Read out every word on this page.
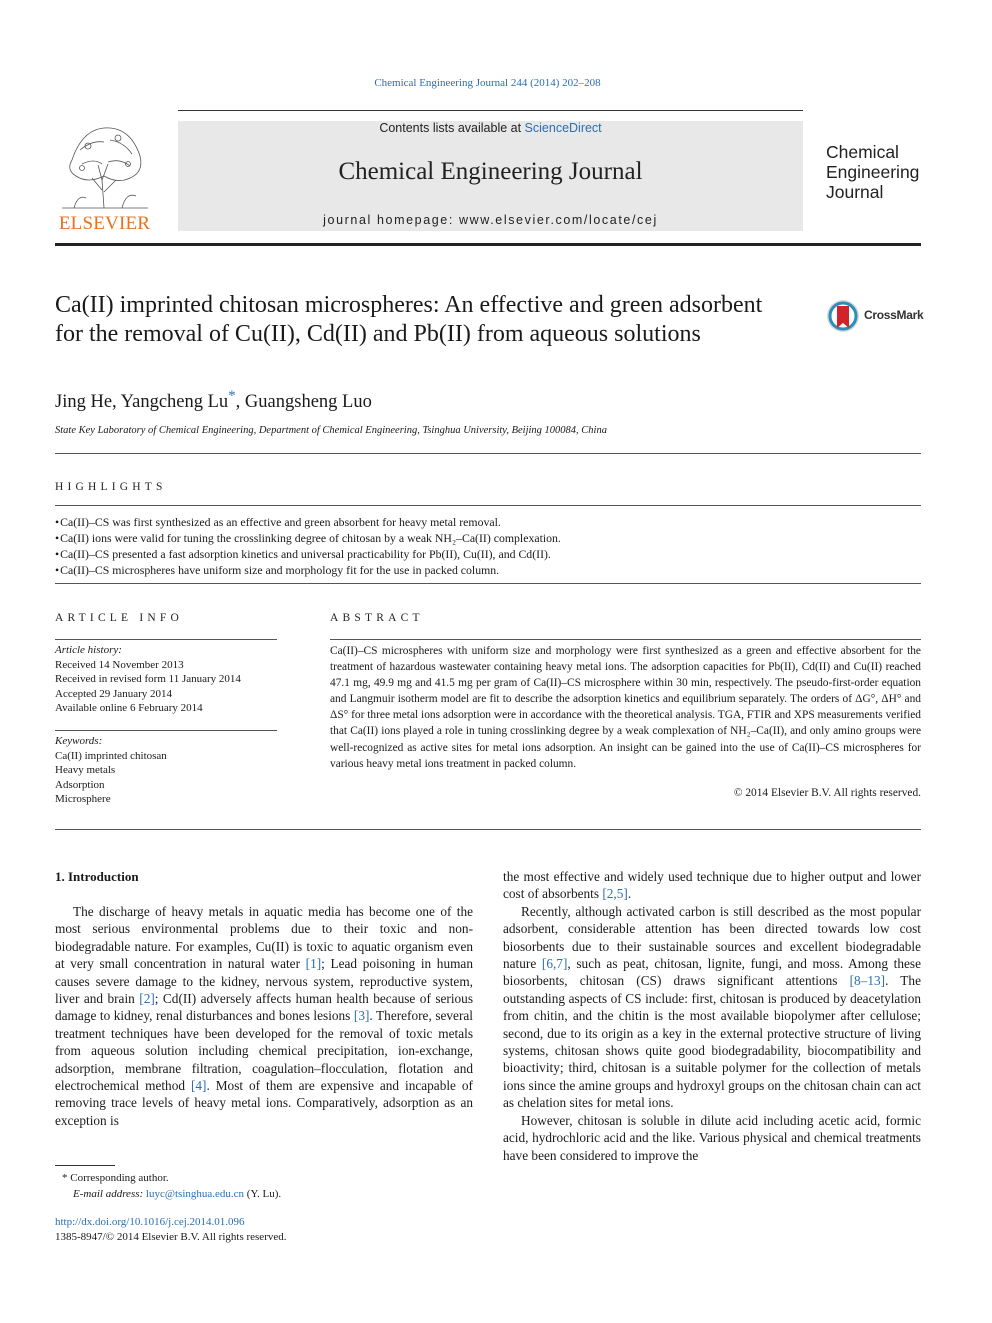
Chemical Engineering Journal 244 (2014) 202–208
ELSEVIER
Contents lists available at ScienceDirect
Chemical Engineering Journal
journal homepage: www.elsevier.com/locate/cej
Chemical
Engineering
Journal
Ca(II) imprinted chitosan microspheres: An effective and green adsorbent for the removal of Cu(II), Cd(II) and Pb(II) from aqueous solutions
CrossMark
Jing He, Yangcheng Lu*, Guangsheng Luo
State Key Laboratory of Chemical Engineering, Department of Chemical Engineering, Tsinghua University, Beijing 100084, China
HIGHLIGHTS
• Ca(II)–CS was first synthesized as an effective and green absorbent for heavy metal removal.
• Ca(II) ions were valid for tuning the crosslinking degree of chitosan by a weak NH₂–Ca(II) complexation.
• Ca(II)–CS presented a fast adsorption kinetics and universal practicability for Pb(II), Cu(II), and Cd(II).
• Ca(II)–CS microspheres have uniform size and morphology fit for the use in packed column.
ARTICLE INFO
Article history:
Received 14 November 2013
Received in revised form 11 January 2014
Accepted 29 January 2014
Available online 6 February 2014
Keywords:
Ca(II) imprinted chitosan
Heavy metals
Adsorption
Microsphere
ABSTRACT
Ca(II)–CS microspheres with uniform size and morphology were first synthesized as a green and effective absorbent for the treatment of hazardous wastewater containing heavy metal ions. The adsorption capacities for Pb(II), Cd(II) and Cu(II) reached 47.1 mg, 49.9 mg and 41.5 mg per gram of Ca(II)–CS microsphere within 30 min, respectively. The pseudo-first-order equation and Langmuir isotherm model are fit to describe the adsorption kinetics and equilibrium separately. The orders of ΔG°, ΔH° and ΔS° for three metal ions adsorption were in accordance with the theoretical analysis. TGA, FTIR and XPS measurements verified that Ca(II) ions played a role in tuning crosslinking degree by a weak complexation of NH₂–Ca(II), and only amino groups were well-recognized as active sites for metal ions adsorption. An insight can be gained into the use of Ca(II)–CS microspheres for various heavy metal ions treatment in packed column.
© 2014 Elsevier B.V. All rights reserved.
1. Introduction

The discharge of heavy metals in aquatic media has become one of the most serious environmental problems due to their toxic and non-biodegradable nature. For examples, Cu(II) is toxic to aquatic organism even at very small concentration in natural water [1]; Lead poisoning in human causes severe damage to the kidney, nervous system, reproductive system, liver and brain [2]; Cd(II) adversely affects human health because of serious damage to kidney, renal disturbances and bones lesions [3]. Therefore, several treatment techniques have been developed for the removal of toxic metals from aqueous solution including chemical precipitation, ion-exchange, adsorption, membrane filtration, coagulation–flocculation, flotation and electrochemical method [4]. Most of them are expensive and incapable of removing trace levels of heavy metal ions. Comparatively, adsorption as an exception is

the most effective and widely used technique due to higher output and lower cost of absorbents [2,5].

Recently, although activated carbon is still described as the most popular adsorbent, considerable attention has been directed towards low cost biosorbents due to their sustainable sources and excellent biodegradable nature [6,7], such as peat, chitosan, lignite, fungi, and moss. Among these biosorbents, chitosan (CS) draws significant attentions [8–13]. The outstanding aspects of CS include: first, chitosan is produced by deacetylation from chitin, and the chitin is the most available biopolymer after cellulose; second, due to its origin as a key in the external protective structure of living systems, chitosan shows quite good biodegradability, biocompatibility and bioactivity; third, chitosan is a suitable polymer for the collection of metals ions since the amine groups and hydroxyl groups on the chitosan chain can act as chelation sites for metal ions.

However, chitosan is soluble in dilute acid including acetic acid, formic acid, hydrochloric acid and the like. Various physical and chemical treatments have been considered to improve the

* Corresponding author.
E-mail address: luyc@tsinghua.edu.cn (Y. Lu).
http://dx.doi.org/10.1016/j.cej.2014.01.096
1385-8947/© 2014 Elsevier B.V. All rights reserved.
